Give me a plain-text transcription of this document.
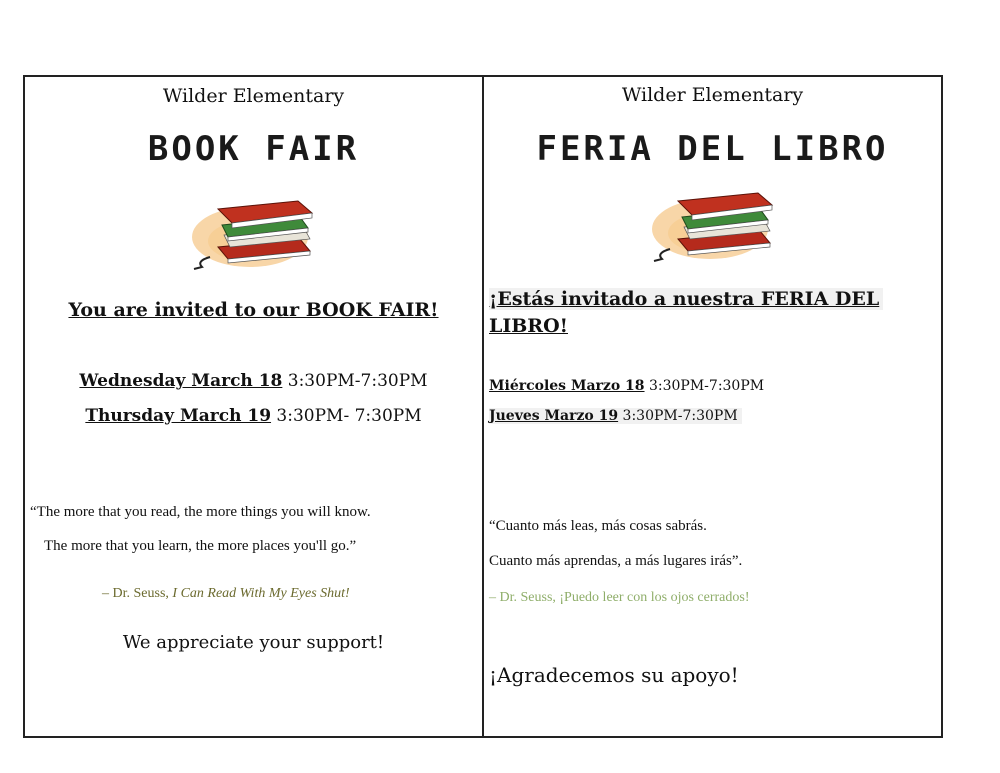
Wilder Elementary
BOOK FAIR
You are invited to our BOOK FAIR!
Wednesday March 18 3:30PM-7:30PM
Thursday March 19 3:30PM- 7:30PM
“The more that you read, the more things you will know.
The more that you learn, the more places you'll go.”
– Dr. Seuss, I Can Read With My Eyes Shut!
We appreciate your support!
Wilder Elementary
FERIA DEL LIBRO
¡Estás invitado a nuestra FERIA DEL
LIBRO!
Miércoles Marzo 18 3:30PM-7:30PM
Jueves Marzo 19 3:30PM-7:30PM
“Cuanto más leas, más cosas sabrás.
Cuanto más aprendas, a más lugares irás”.
– Dr. Seuss, ¡Puedo leer con los ojos cerrados!
¡Agradecemos su apoyo!
